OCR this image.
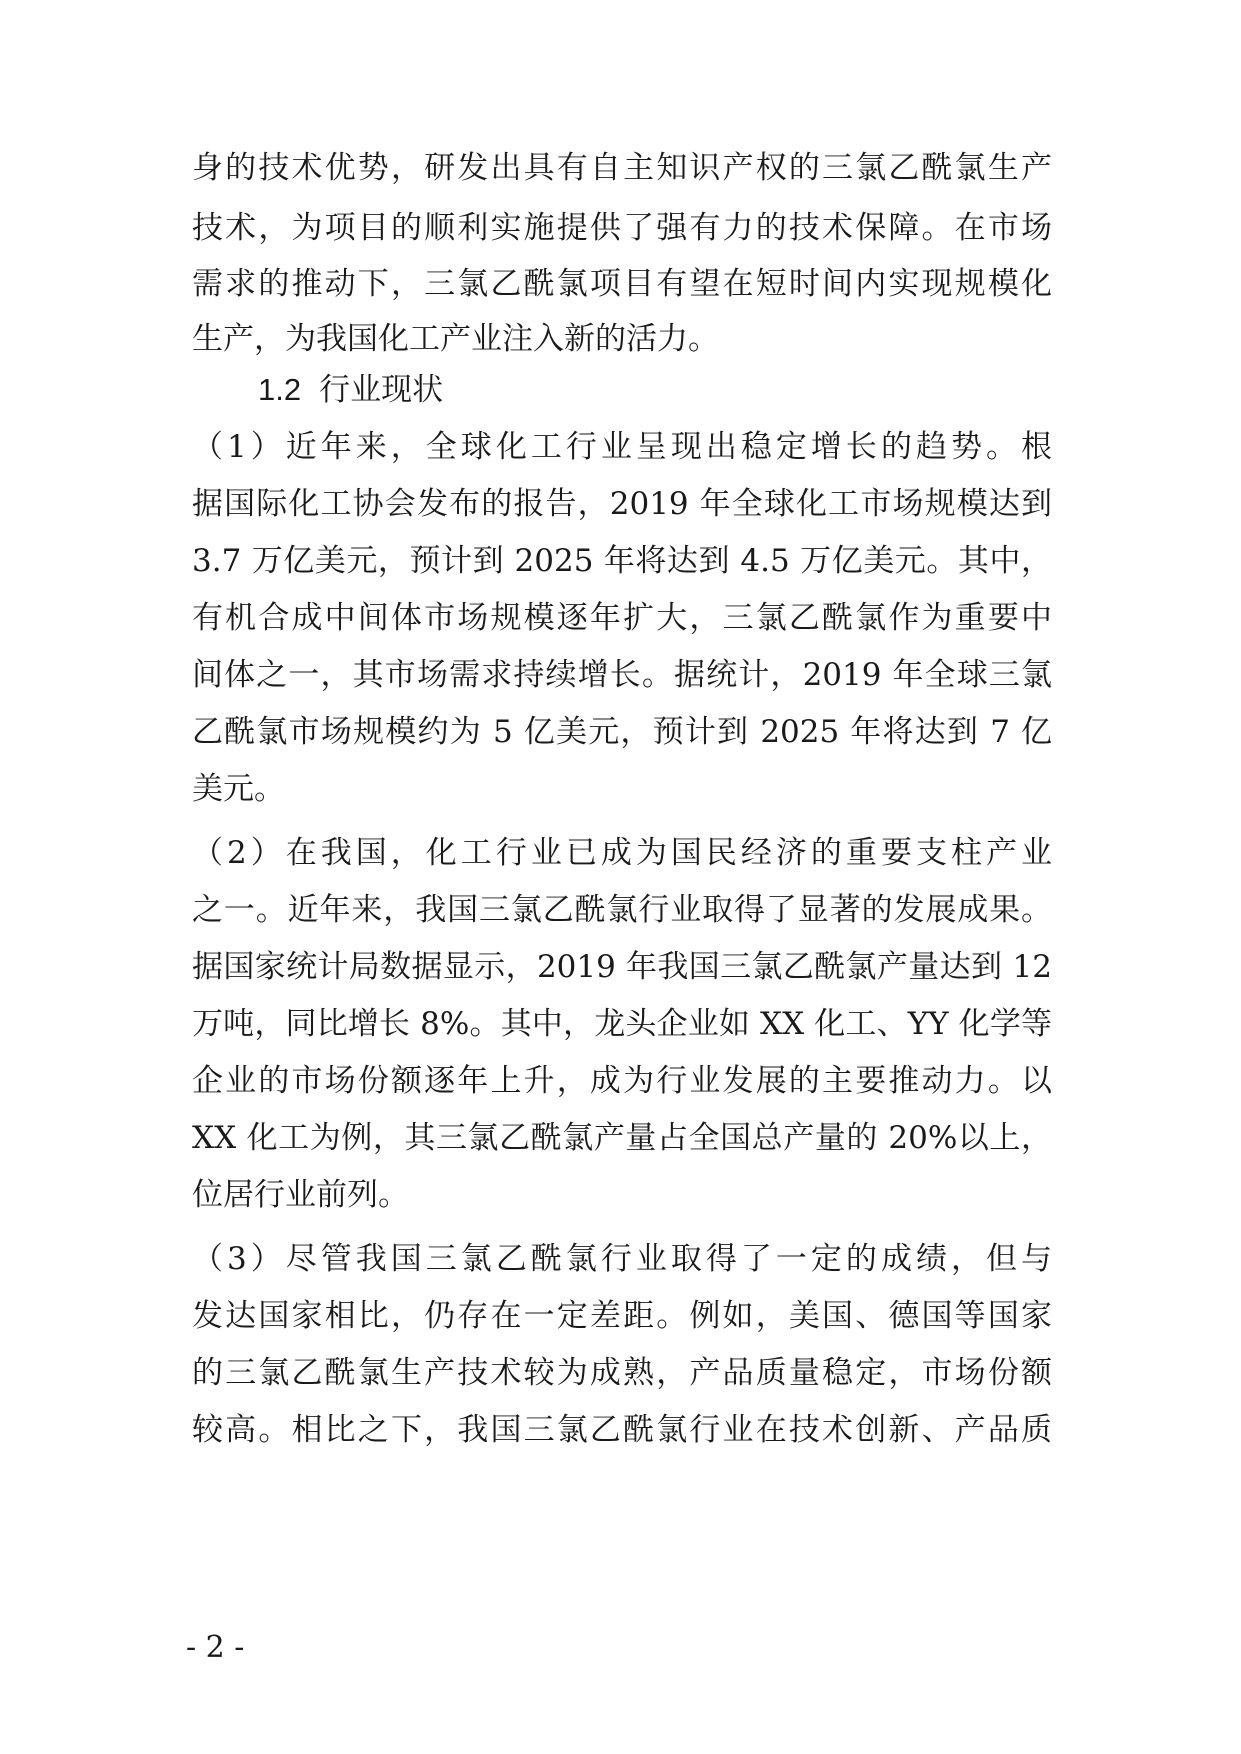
身的技术优势，研发出具有自主知识产权的三氯乙酰氯生产
技术，为项目的顺利实施提供了强有力的技术保障。在市场
需求的推动下，三氯乙酰氯项目有望在短时间内实现规模化
生产，为我国化工产业注入新的活力。
1.2 行业现状
（1）近年来，全球化工行业呈现出稳定增长的趋势。根
据国际化工协会发布的报告，2019 年全球化工市场规模达到
3.7 万亿美元，预计到 2025 年将达到 4.5 万亿美元。其中，
有机合成中间体市场规模逐年扩大，三氯乙酰氯作为重要中
间体之一，其市场需求持续增长。据统计，2019 年全球三氯
乙酰氯市场规模约为 5 亿美元，预计到 2025 年将达到 7 亿
美元。
（2）在我国，化工行业已成为国民经济的重要支柱产业
之一。近年来，我国三氯乙酰氯行业取得了显著的发展成果。
据国家统计局数据显示，2019 年我国三氯乙酰氯产量达到 12
万吨，同比增长 8%。其中，龙头企业如 XX 化工、YY 化学等
企业的市场份额逐年上升，成为行业发展的主要推动力。以
XX 化工为例，其三氯乙酰氯产量占全国总产量的 20%以上，
位居行业前列。
（3）尽管我国三氯乙酰氯行业取得了一定的成绩，但与
发达国家相比，仍存在一定差距。例如，美国、德国等国家
的三氯乙酰氯生产技术较为成熟，产品质量稳定，市场份额
较高。相比之下，我国三氯乙酰氯行业在技术创新、产品质
- 2 -
